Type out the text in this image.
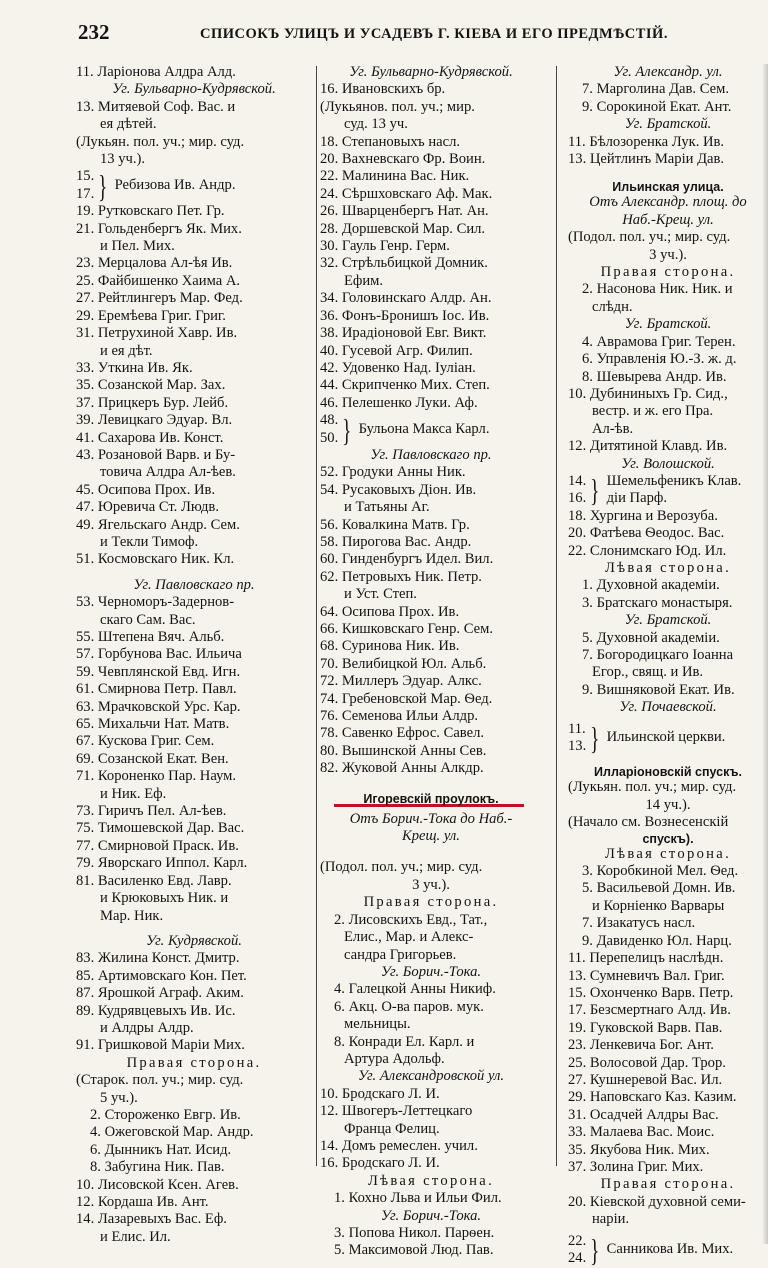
232	СПИСОКЪ УЛИЦЪ И УСАДЕВЪ Г. КІЕВА И ЕГО ПРЕДМѢСТІЙ.
11. Ларіонова Алдра Алд.
Уг. Бульварно-Кудрявской.
13. Митяевой Соф. Вас. и
ея дѣтей.
(Лукьян. пол. уч.; мир. суд.
13 уч.).
15.
17. } Ребизова Ив. Андр.
19. Рутковскаго Пет. Гр.
21. Гольденбергъ Як. Мих.
и Пел. Мих.
23. Мерцалова Ал-ѣя Ив.
25. Файбишенко Хаима А.
27. Рейтлингеръ Мар. Фед.
29. Еремѣева Григ. Григ.
31. Петрухиной Хавр. Ив.
и ея дѣт.
33. Уткина Ив. Як.
35. Созанской Мар. Зах.
37. Прицкеръ Бур. Лейб.
39. Левицкаго Эдуар. Вл.
41. Сахарова Ив. Конст.
43. Розановой Варв. и Бу-
товича Алдра Ал-ѣев.
45. Осипова Прох. Ив.
47. Юревича Ст. Людв.
49. Ягельскаго Андр. Сем.
и Текли Тимоф.
51. Космовскаго Ник. Кл.
Уг. Павловскаго пр.
53. Черноморъ-Задернов-
скаго Сам. Вас.
55. Штепена Вяч. Альб.
57. Горбунова Вас. Ильича
59. Чевплянской Евд. Игн.
61. Смирнова Петр. Павл.
63. Мрачковской Урс. Кар.
65. Михальчи Нат. Матв.
67. Кускова Григ. Сем.
69. Созанской Екат. Вен.
71. Короненко Пар. Наум.
и Ник. Еф.
73. Гиричъ Пел. Ал-ѣев.
75. Тимошевской Дар. Вас.
77. Смирновой Праск. Ив.
79. Яворскаго Иппол. Карл.
81. Василенко Евд. Лавр.
и Крюковыхъ Ник. и
Мар. Ник.
Уг. Кудрявской.
83. Жилина Конст. Дмитр.
85. Артимовскаго Кон. Пет.
87. Ярошкой Аграф. Аким.
89. Кудрявцевыхъ Ив. Ис.
и Алдры Алдр.
91. Гришковой Маріи Мих.
Правая сторона.
(Старок. пол. уч.; мир. суд.
5 уч.).
2. Стороженко Евгр. Ив.
4. Ожеговской Мар. Андр.
6. Дынникъ Нат. Исид.
8. Забугина Ник. Пав.
10. Лисовской Ксен. Агев.
12. Кордаша Ив. Ант.
14. Лазаревыхъ Вас. Еф.
и Елис. Ил.
Уг. Бульварно-Кудрявской.
16. Ивановскихъ бр.
(Лукьянов. пол. уч.; мир.
суд. 13 уч.
18. Степановыхъ насл.
20. Вахневскаго Фр. Воин.
22. Малинина Вас. Ник.
24. Сѣршховскаго Аф. Мак.
26. Шварценбергъ Нат. Ан.
28. Доршевской Мар. Сил.
30. Гауль Генр. Герм.
32. Стрѣльбицкой Домник.
Ефим.
34. Головинскаго Алдр. Ан.
36. Фонъ-Бронишъ Іос. Ив.
38. Ирадіоновой Евг. Викт.
40. Гусевой Агр. Филип.
42. Удовенко Над. Іуліан.
44. Скрипченко Мих. Степ.
46. Пелешенко Луки. Аф.
48.
50. } Бульона Макса Карл.
Уг. Павловскаго пр.
52. Гродуки Анны Ник.
54. Русаковыхъ Діон. Ив.
и Татьяны Аг.
56. Ковалкина Матв. Гр.
58. Пирогова Вас. Андр.
60. Гинденбургъ Идел. Вил.
62. Петровыхъ Ник. Петр.
и Уст. Степ.
64. Осипова Прох. Ив.
66. Кишковскаго Генр. Сем.
68. Суринова Ник. Ив.
70. Велибицкой Юл. Альб.
72. Миллеръ Эдуар. Алкс.
74. Гребеновской Мар. Ѳед.
76. Семенова Ильи Алдр.
78. Савенко Ефрос. Савел.
80. Вышинской Анны Сев.
82. Жуковой Анны Алкдр.
Игоревскій проулокъ.
Отъ Борич.-Тока до Наб.-
Крещ. ул.
(Подол. пол. уч.; мир. суд.
3 уч.).
Правая сторона.
2. Лисовскихъ Евд., Тат.,
Елис., Мар. и Алекс-
сандра Григорьев.
Уг. Борич.-Тока.
4. Галецкой Анны Никиф.
6. Акц. О-ва паров. мук.
мельницы.
8. Конради Ел. Карл. и
Артура Адольф.
Уг. Александровской ул.
10. Бродскаго Л. И.
12. Швогеръ-Леттецкаго
Франца Фелиц.
14. Домъ ремеслен. учил.
16. Бродскаго Л. И.
Лѣвая сторона.
1. Кохно Льва и Ильи Фил.
Уг. Борич.-Тока.
3. Попова Никол. Парѳен.
5. Максимовой Люд. Пав.
Уг. Александр. ул.
7. Марголина Дав. Сем.
9. Сорокиной Екат. Ант.
Уг. Братской.
11. Бѣлозоренка Лук. Ив.
13. Цейтлинъ Маріи Дав.
Ильинская улица.
Отъ Александр. площ. до
Наб.-Крещ. ул.
(Подол. пол. уч.; мир. суд.
3 уч.).
Правая сторона.
2. Насонова Ник. Ник. и
слѣдн.
Уг. Братской.
4. Аврамова Григ. Терен.
6. Управленія Ю.-З. ж. д.
8. Шевырева Андр. Ив.
10. Дубининыхъ Гр. Сид.,
вестр. и ж. его Пра.
Ал-ѣв.
12. Дитятиной Клавд. Ив.
Уг. Волошской.
14.
16. } Шемельфеникъ Клав.
діи Парф.
18. Хургина и Верозуба.
20. Фатѣева Ѳеодос. Вас.
22. Слонимскаго Юд. Ил.
Лѣвая сторона.
1. Духовной академіи.
3. Братскаго монастыря.
Уг. Братской.
5. Духовной академіи.
7. Богородицкаго Іоанна
Егор., свящ. и Ив.
9. Вишняковой Екат. Ив.
Уг. Почаевской.
11.
13. } Ильинской церкви.
Илларіоновскій спускъ.
(Лукьян. пол. уч.; мир. суд.
14 уч.).
(Начало см. Вознесенскій
спускъ).
Лѣвая сторона.
3. Коробкиной Мел. Ѳед.
5. Васильевой Домн. Ив.
и Корніенко Варвары
7. Изакатусъ насл.
9. Давиденко Юл. Нарц.
11. Перепелицъ наслѣдн.
13. Сумневичъ Вал. Григ.
15. Охонченко Варв. Петр.
17. Безсмертнаго Алд. Ив.
19. Гуковской Варв. Пав.
23. Ленкевича Бог. Ант.
25. Волосовой Дар. Трор.
27. Кушнеревой Вас. Ил.
29. Наповскаго Каз. Казим.
31. Осадчей Алдры Вас.
33. Малаева Вас. Моис.
35. Якубова Ник. Мих.
37. Золина Григ. Мих.
Правая сторона.
20. Кіевской духовной семи-
наріи.
22.
24. } Санникова Ив. Мих.
